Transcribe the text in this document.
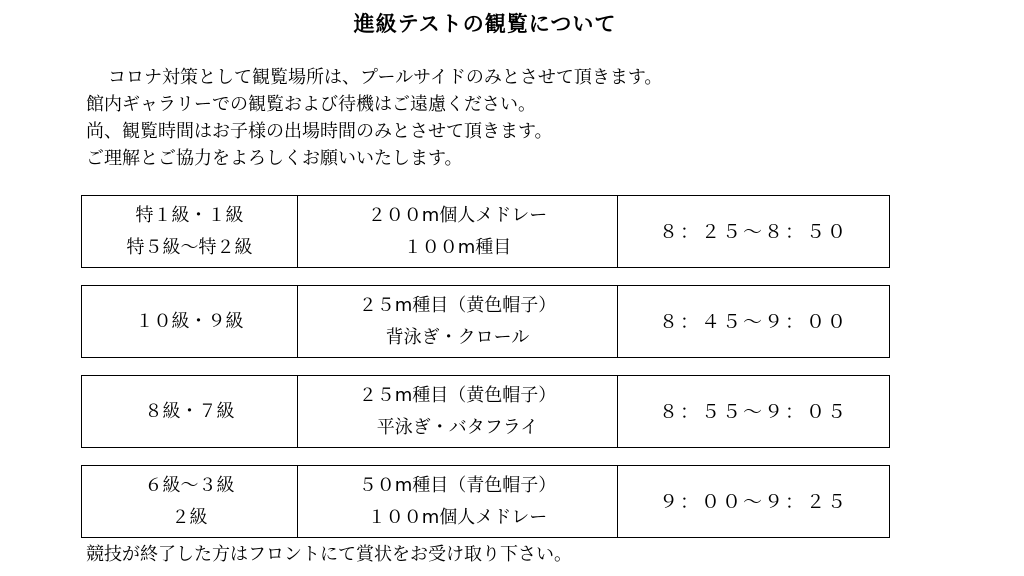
進級テストの観覧について
コロナ対策として観覧場所は、プールサイドのみとさせて頂きます。
館内ギャラリーでの観覧および待機はご遠慮ください。
尚、観覧時間はお子様の出場時間のみとさせて頂きます。
ご理解とご協力をよろしくお願いいたします。
特１級・１級
特５級〜特２級
２００m個人メドレー
１００m種目
８：２５〜８：５０
１０級・９級
２５m種目（黄色帽子）
背泳ぎ・クロール
８：４５〜９：００
８級・７級
２５m種目（黄色帽子）
平泳ぎ・バタフライ
８：５５〜９：０５
６級〜３級
２級
５０m種目（青色帽子）
１００m個人メドレー
９：００〜９：２５
競技が終了した方はフロントにて賞状をお受け取り下さい。
